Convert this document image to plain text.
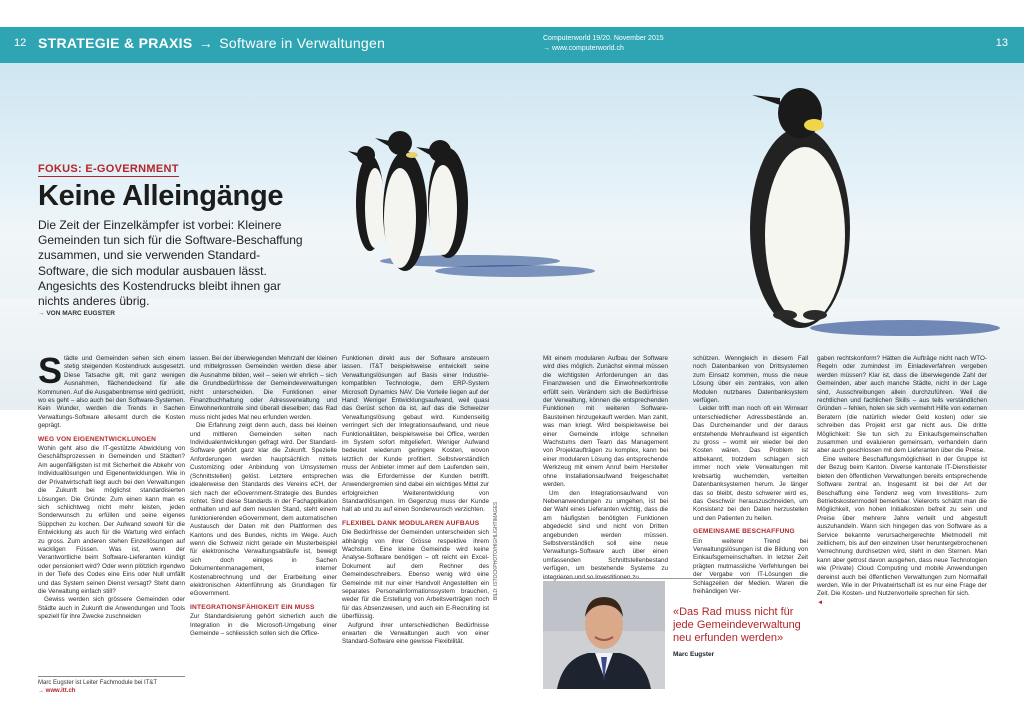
12 STRATEGIE & PRAXIS → Software in Verwaltungen	Computerworld 19/20. November 2015
→ www.computerworld.ch	13
FOKUS: E-GOVERNMENT
Keine Alleingänge
Die Zeit der Einzelkämpfer ist vorbei: Kleinere Gemeinden tun sich für die Software-Beschaffung zusammen, und sie verwenden Standard-Software, die sich modular ausbauen lässt. Angesichts des Kostendrucks bleibt ihnen gar nichts anderes übrig.
→ VON MARC EUGSTER
S tädte und Gemeinden sehen sich einem stetig steigenden Kostendruck ausgesetzt. Diese Tatsache gilt, mit ganz wenigen Ausnahmen, flächendeckend für alle Kommunen. Auf die Ausgabenbremse wird gedrückt, wo es geht – also auch bei den Software-Systemen. Kein Wunder, werden die Trends in Sachen Verwaltungs-Software allesamt durch die Kosten geprägt.

WEG VON EIGENENTWICKLUNGEN

Wohin geht also die IT-gestützte Abwicklung von Geschäftsprozessen in Gemeinden und Städten? Am augenfälligsten ist mit Sicherheit die Abkehr von Individuallösungen und Eigenentwicklungen. Wie in der Privatwirtschaft liegt auch bei den Verwaltungen die Zukunft bei möglichst standardisierten Lösungen. Die Gründe: Zum einen kann man es sich schlichtweg nicht mehr leisten, jeden Sonderwunsch zu erfüllen und seine eigenes Süppchen zu kochen. Der Aufwand sowohl für die Entwicklung als auch für die Wartung wird einfach zu gross. Zum anderen stehen Einzellösungen auf wackligen Füssen. Was ist, wenn der Verantwortliche beim Software-Lieferanten kündigt oder pensioniert wird? Oder wenn plötzlich irgendwo in der Tiefe des Codes eine Eins oder Null umfällt und das System seinen Dienst versagt? Steht dann die Verwaltung einfach still?

Gewiss werden sich grössere Gemeinden oder Städte auch in Zukunft die Anwendungen und Tools speziell für ihre Zwecke zuschneiden

Marc Eugster ist Leiter Fachmodule bei IT&T
→ www.itt.ch

lassen. Bei der überwiegenden Mehrzahl der kleinen und mittelgrossen Gemeinden werden diese aber die Ausnahme bilden, weil – seien wir ehrlich – sich die Grundbedürfnisse der Gemeindeverwaltungen nicht unterscheiden. Die Funktionen einer Finanzbuchhaltung oder Adressverwaltung und Einwohnerkontrolle sind überall dieselben; das Rad muss nicht jedes Mal neu erfunden werden.

Die Erfahrung zeigt denn auch, dass bei kleinen und mittleren Gemeinden selten nach Individualentwicklungen gefragt wird. Der Standard-Software gehört ganz klar die Zukunft. Spezielle Anforderungen werden hauptsächlich mittels Customizing oder Anbindung von Umsystemen (Schnittstellen) gelöst. Letztere entsprechen idealerweise den Standards des Vereins eCH, der sich nach der eGovernment-Strategie des Bundes richtet. Sind diese Standards in der Fachapplikation enthalten und auf dem neusten Stand, steht einem funktionierenden eGovernment, dem automatischen Austausch der Daten mit den Plattformen des Kantons und des Bundes, nichts im Wege. Auch wenn die Schweiz nicht gerade ein Musterbeispiel für elektronische Verwaltungsabläufe ist, bewegt sich doch einiges in Sachen Dokumentenmanagement, interner Kostenabrechnung und der Erarbeitung einer elektronischen Aktenführung als Grundlagen für eGovernment.

INTEGRATIONSFÄHIGKEIT EIN MUSS

Zur Standardisierung gehört sicherlich auch die Integration in die Microsoft-Umgebung einer Gemeinde – schliesslich sollen sich die Office-

Funktionen direkt aus der Software ansteuern lassen. IT&T beispielsweise entwickelt seine Verwaltungslösungen auf Basis einer Industrie-kompatiblen Technologie, dem ERP-System Microsoft Dynamics NAV. Die Vorteile liegen auf der Hand: Weniger Entwicklungsaufwand, weil quasi das Gerüst schon da ist, auf das die Schweizer Verwaltungslösung gebaut wird. Kundenseitig verringert sich der Integrationsaufwand, und neue Funktionalitäten, beispielsweise bei Office, werden im System sofort mitgeliefert. Weniger Aufwand bedeutet wiederum geringere Kosten, wovon letztlich der Kunde profitiert. Selbstverständlich muss der Anbieter immer auf dem Laufenden sein, was die Erfordernisse der Kunden betrifft. Anwendergremien sind dabei ein wichtiges Mittel zur erfolgreichen Weiterentwicklung von Standardlösungen. Im Gegenzug muss der Kunde halt ab und zu auf einen Sonderwunsch verzichten.

FLEXIBEL DANK MODULAREN AUFBAUS

Die Bedürfnisse der Gemeinden unterscheiden sich abhängig von ihrer Grösse respektive ihrem Wachstum. Eine kleine Gemeinde wird keine Analyse-Software benötigen – oft reicht ein Excel-Dokument auf dem Rechner des Gemeindeschreibers. Ebenso wenig wird eine Gemeinde mit nur einer Handvoll Angestellten ein separates Personalinformationssystem brauchen, weder für die Erstellung von Arbeitsverträgen noch für das Absenzwesen, und auch ein E-Recruiting ist überflüssig.

Aufgrund ihrer unterschiedlichen Bedürfnisse erwarten die Verwaltungen auch von einer Standard-Software eine gewisse Flexibilität.

BILD: ISTOCKPHOTO/HIGHLIGHTIMAGES

Mit einem modularen Aufbau der Software wird dies möglich. Zunächst einmal müssen die wichtigsten Anforderungen an das Finanzwesen und die Einwohnerkontrolle erfüllt sein. Verändern sich die Bedürfnisse der Verwaltung, können die entsprechenden Funktionen mit weiteren Software-Bausteinen hinzugekauft werden. Man zahlt, was man kriegt. Wird beispielsweise bei einer Gemeinde infolge schnellen Wachstums dem Team das Management von Projektaufträgen zu komplex, kann bei einer modularen Lösung das entsprechende Werkzeug mit einem Anruf beim Hersteller ohne Installationsaufwand freigeschaltet werden.

Um den Integrationsaufwand von Nebenanwendungen zu umgehen, ist bei der Wahl eines Lieferanten wichtig, dass die am häufigsten benötigten Funktionen abgedeckt sind und nicht von Dritten angebunden werden müssen. Selbstverständlich soll eine neue Verwaltungs-Software auch über einen umfassenden Schnittstellenbestand verfügen, um bestehende Systeme zu integrieren und so Investitionen zu

schützen. Wenngleich in diesem Fall noch Datenbanken von Drittsystemen zum Einsatz kommen, muss die neue Lösung über ein zentrales, von allen Modulen nutzbares Datenbanksystem verfügen.

Leider trifft man noch oft ein Wirrwarr unterschiedlicher Adressbestände an. Das Durcheinander und der daraus entstehende Mehraufwand ist eigentlich zu gross – womit wir wieder bei den Kosten wären. Das Problem ist altbekannt, trotzdem schlagen sich immer noch viele Verwaltungen mit krebsartig wuchernden, verteilten Datenbanksystemen herum. Je länger das so bleibt, desto schwerer wird es, das Geschwür herauszuschneiden, um Konsistenz bei den Daten herzustellen und den Patienten zu heilen.

GEMEINSAME BESCHAFFUNG

Ein weiterer Trend bei Verwaltungslösungen ist die Bildung von Einkaufsgemeinschaften. In letzter Zeit prägten mutmassliche Verfehlungen bei der Vergabe von IT-Lösungen die Schlagzeilen der Medien. Waren die freihändigen Ver-

gaben rechtskonform? Hätten die Aufträge nicht nach WTO-Regeln oder zumindest im Einladeverfahren vergeben werden müssen? Klar ist, dass die überwiegende Zahl der Gemeinden, aber auch manche Städte, nicht in der Lage sind, Ausschreibungen allein durchzuführen. Weil die rechtlichen und fachlichen Skills – aus teils verständlichen Gründen – fehlen, holen sie sich vermehrt Hilfe von externen Beratern (die natürlich wieder Geld kosten) oder sie schreiben das Projekt erst gar nicht aus. Die dritte Möglichkeit: Sie tun sich zu Einkaufsgemeinschaften zusammen und evaluieren gemeinsam, verhandeln dann aber auch geschlossen mit dem Lieferanten über die Preise.

Eine weitere Beschaffungsmöglichkeit in der Gruppe ist der Bezug beim Kanton. Diverse kantonale IT-Dienstleister bieten den öffentlichen Verwaltungen bereits entsprechende Software zentral an. Insgesamt ist bei der Art der Beschaffung eine Tendenz weg vom Investitions- zum Betriebskostenmodell bemerkbar. Vielerorts schätzt man die Möglichkeit, von hohen Initialkosten befreit zu sein und Preise über mehrere Jahre verteilt und abgestuft auszuhandeln. Wann sich hingegen das von Software as a Service bekannte verursachergerechte Mietmodell mit zeitlichem, bis auf den einzelnen User heruntergebrochenen Verrechnung durchsetzen wird, steht in den Sternen. Man kann aber getrost davon ausgehen, dass neue Technologien wie (Private) Cloud Computing und mobile Anwendungen dereinst auch bei öffentlichen Verwaltungen zum Normalfall werden. Wie in der Privatwirtschaft ist es nur eine Frage der Zeit. Die Kosten- und Nutzenvorteile sprechen für sich.

◄
«Das Rad muss nicht für jede Gemeindeverwaltung neu erfunden werden»
Marc Eugster
